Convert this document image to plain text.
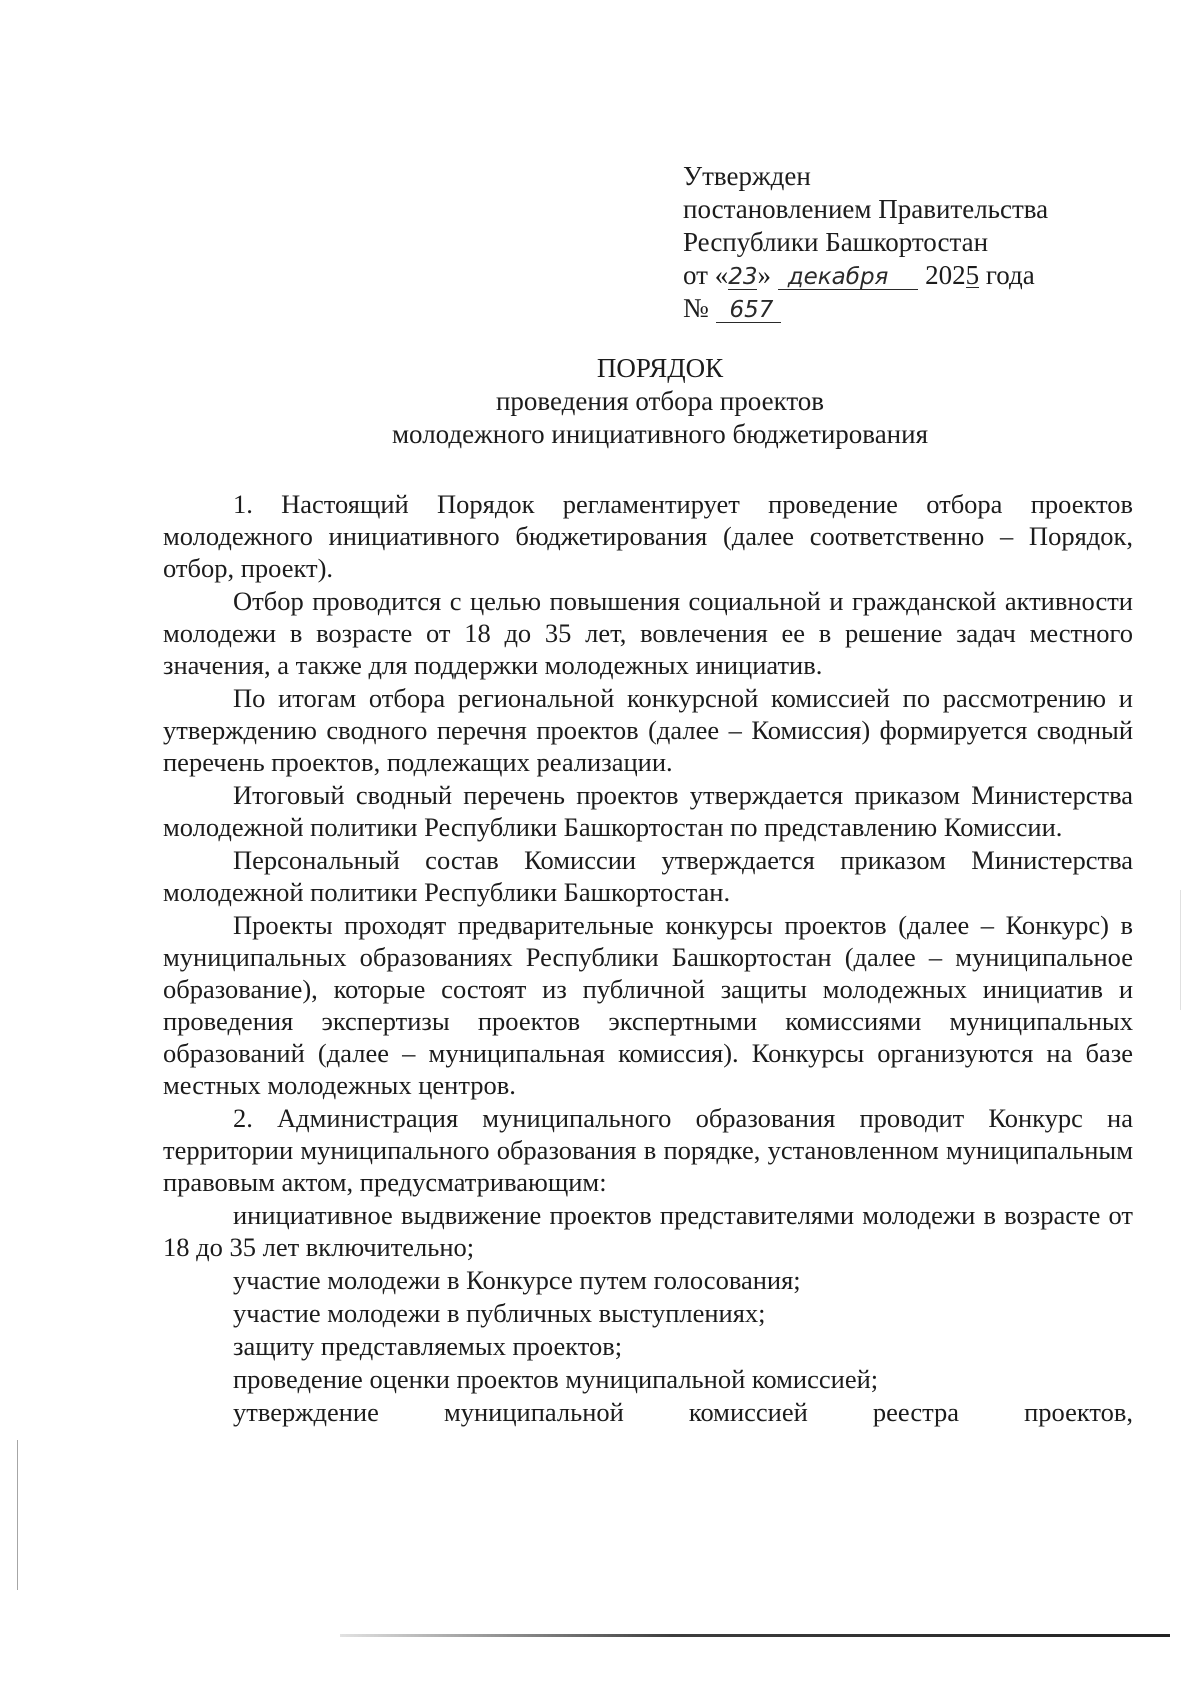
Утвержден
постановлением Правительства
Республики Башкортостан
от «23» декабря 2025 года
№ 657
ПОРЯДОК
проведения отбора проектов
молодежного инициативного бюджетирования

1. Настоящий Порядок регламентирует проведение отбора проектов молодежного инициативного бюджетирования (далее соответственно – Порядок, отбор, проект).

Отбор проводится с целью повышения социальной и гражданской активности молодежи в возрасте от 18 до 35 лет, вовлечения ее в решение задач местного значения, а также для поддержки молодежных инициатив.

По итогам отбора региональной конкурсной комиссией по рассмотрению и утверждению сводного перечня проектов (далее – Комиссия) формируется сводный перечень проектов, подлежащих реализации.

Итоговый сводный перечень проектов утверждается приказом Министерства молодежной политики Республики Башкортостан по представлению Комиссии.

Персональный состав Комиссии утверждается приказом Министерства молодежной политики Республики Башкортостан.

Проекты проходят предварительные конкурсы проектов (далее – Конкурс) в муниципальных образованиях Республики Башкортостан (далее – муниципальное образование), которые состоят из публичной защиты молодежных инициатив и проведения экспертизы проектов экспертными комиссиями муниципальных образований (далее – муниципальная комиссия). Конкурсы организуются на базе местных молодежных центров.

2. Администрация муниципального образования проводит Конкурс на территории муниципального образования в порядке, установленном муниципальным правовым актом, предусматривающим:

инициативное выдвижение проектов представителями молодежи в возрасте от 18 до 35 лет включительно;

участие молодежи в Конкурсе путем голосования;

участие молодежи в публичных выступлениях;

защиту представляемых проектов;

проведение оценки проектов муниципальной комиссией;

утверждение муниципальной комиссией реестра проектов,
